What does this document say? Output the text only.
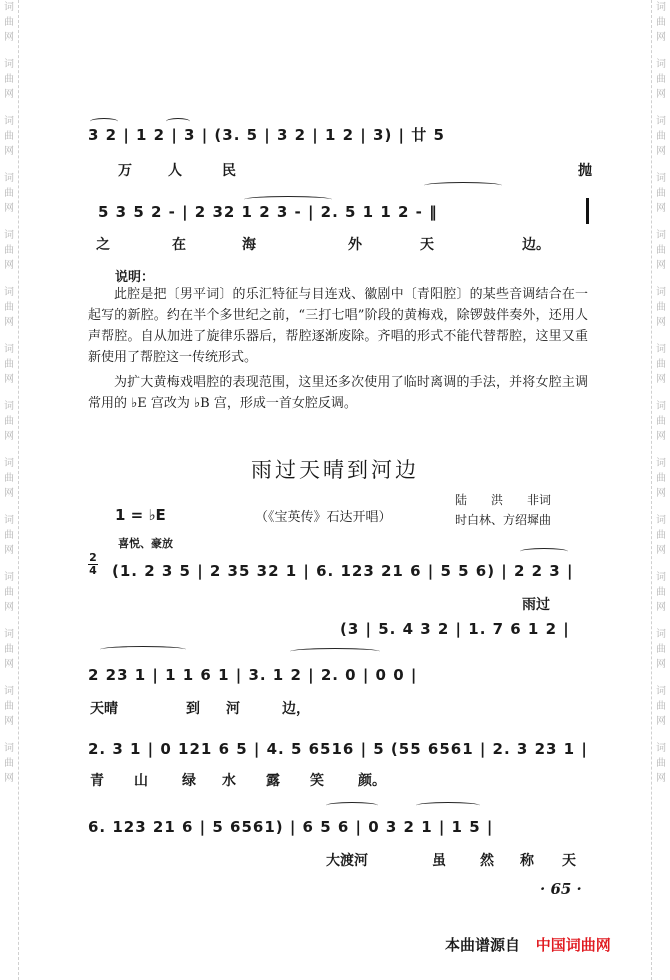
词曲网
词曲网
词曲网
词曲网
词曲网
词曲网
词曲网
词曲网
词曲网
词曲网
词曲网
词曲网
词曲网
词曲网
词曲网
词曲网
词曲网
词曲网
词曲网
词曲网
词曲网
词曲网
词曲网
词曲网
词曲网
词曲网
词曲网
词曲网
3 2 | 1 2 | 3 | (3. 5 | 3 2 | 1 2 | 3) | 廿 5
万	人	民	抛
5 3 5 2 - | 2 32 1 2 3 - | 2. 5 1 1 2 - ‖
之	在	海	外	天	边。
说明：

此腔是把〔男平词〕的乐汇特征与目连戏、徽剧中〔青阳腔〕的某些音调结合在一起写的新腔。约在半个多世纪之前，“三打七唱”阶段的黄梅戏，除锣鼓伴奏外，还用人声帮腔。自从加进了旋律乐器后，帮腔逐渐废除。齐唱的形式不能代替帮腔，这里又重新使用了帮腔这一传统形式。

为扩大黄梅戏唱腔的表现范围，这里还多次使用了临时离调的手法，并将女腔主调常用的 ♭E 宫改为 ♭B 宫，形成一首女腔反调。

雨过天晴到河边
1 = ♭E	（《宝英传》石达开唱）
陆　　洪　　非词
时白林、方绍墀曲
喜悦、豪放
2
4 (1. 2 3 5 | 2 35 32 1 | 6. 123 21 6 | 5 5 6) | 2 2 3 |
雨过
(3 | 5. 4 3 2 | 1. 7 6 1 2 |
2 23 1 | 1 1 6 1 | 3. 1 2 | 2. 0 | 0 0 |
天晴	到 河	边，
2. 3 1 | 0 121 6 5 | 4. 5 6516 | 5 (55 6561 | 2. 3 23 1 |
青 山 绿 水 露 笑 颜。
6. 123 21 6 | 5 6561) | 6 5 6 | 0 3 2 1 | 1 5 |
大渡河	虽 然 称 天
· 65 ·
本曲谱源自 中国词曲网
